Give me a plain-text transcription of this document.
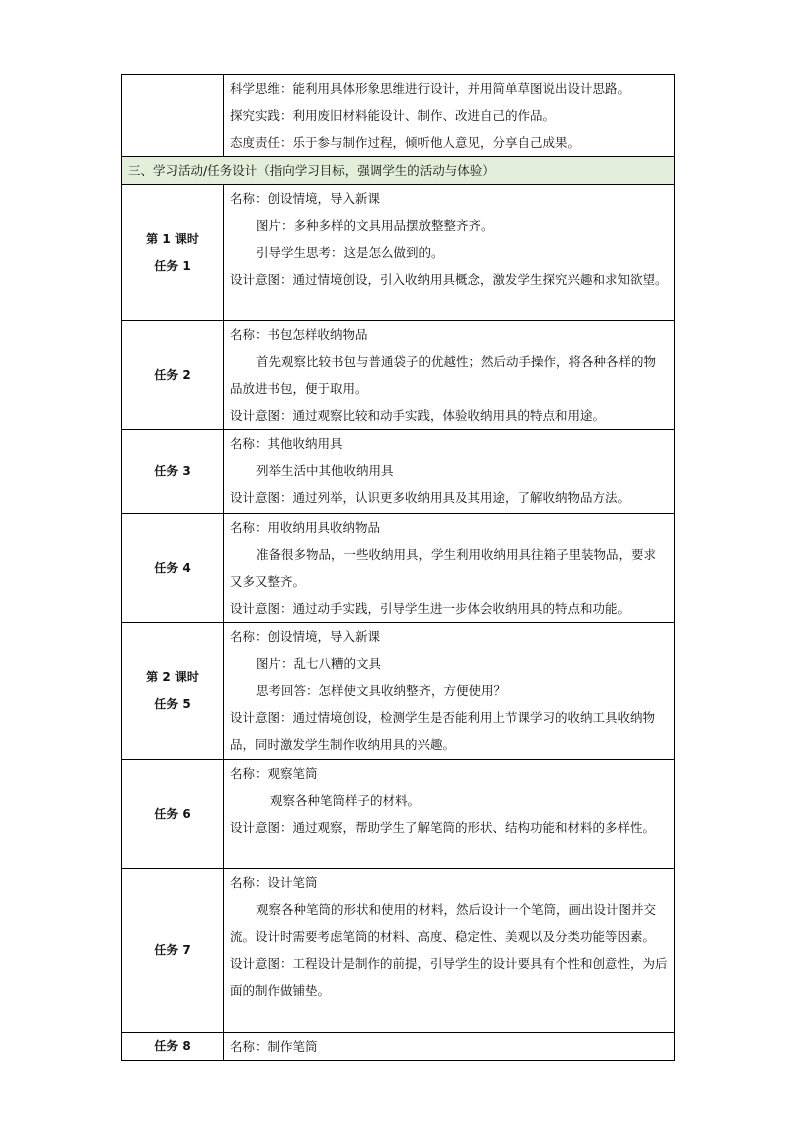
	科学思维：能利用具体形象思维进行设计，并用简单草图说出设计思路。
探究实践：利用废旧材料能设计、制作、改进自己的作品。
态度责任：乐于参与制作过程，倾听他人意见，分享自己成果。

三、学习活动/任务设计（指向学习目标，强调学生的活动与体验）	

第 1 课时
任务 1	名称：创设情境，导入新课
图片：多种多样的文具用品摆放整整齐齐。
引导学生思考：这是怎么做到的。
设计意图：通过情境创设，引入收纳用具概念，激发学生探究兴趣和求知欲望。

任务 2	名称：书包怎样收纳物品
首先观察比较书包与普通袋子的优越性；然后动手操作，将各种各样的物品放进书包，便于取用。
设计意图：通过观察比较和动手实践，体验收纳用具的特点和用途。

任务 3	名称：其他收纳用具
列举生活中其他收纳用具
设计意图：通过列举，认识更多收纳用具及其用途，了解收纳物品方法。

任务 4	名称：用收纳用具收纳物品
准备很多物品，一些收纳用具，学生利用收纳用具往箱子里装物品，要求又多又整齐。
设计意图：通过动手实践，引导学生进一步体会收纳用具的特点和功能。

第 2 课时
任务 5	名称：创设情境，导入新课
图片：乱七八糟的文具
思考回答：怎样使文具收纳整齐，方便使用？
设计意图：通过情境创设，检测学生是否能利用上节课学习的收纳工具收纳物品，同时激发学生制作收纳用具的兴趣。

任务 6	名称：观察笔筒
观察各种笔筒样子的材料。
设计意图：通过观察，帮助学生了解笔筒的形状、结构功能和材料的多样性。

任务 7	名称：设计笔筒
观察各种笔筒的形状和使用的材料，然后设计一个笔筒，画出设计图并交流。设计时需要考虑笔筒的材料、高度、稳定性、美观以及分类功能等因素。
设计意图：工程设计是制作的前提，引导学生的设计要具有个性和创意性，为后面的制作做铺垫。

任务 8	名称：制作笔筒
